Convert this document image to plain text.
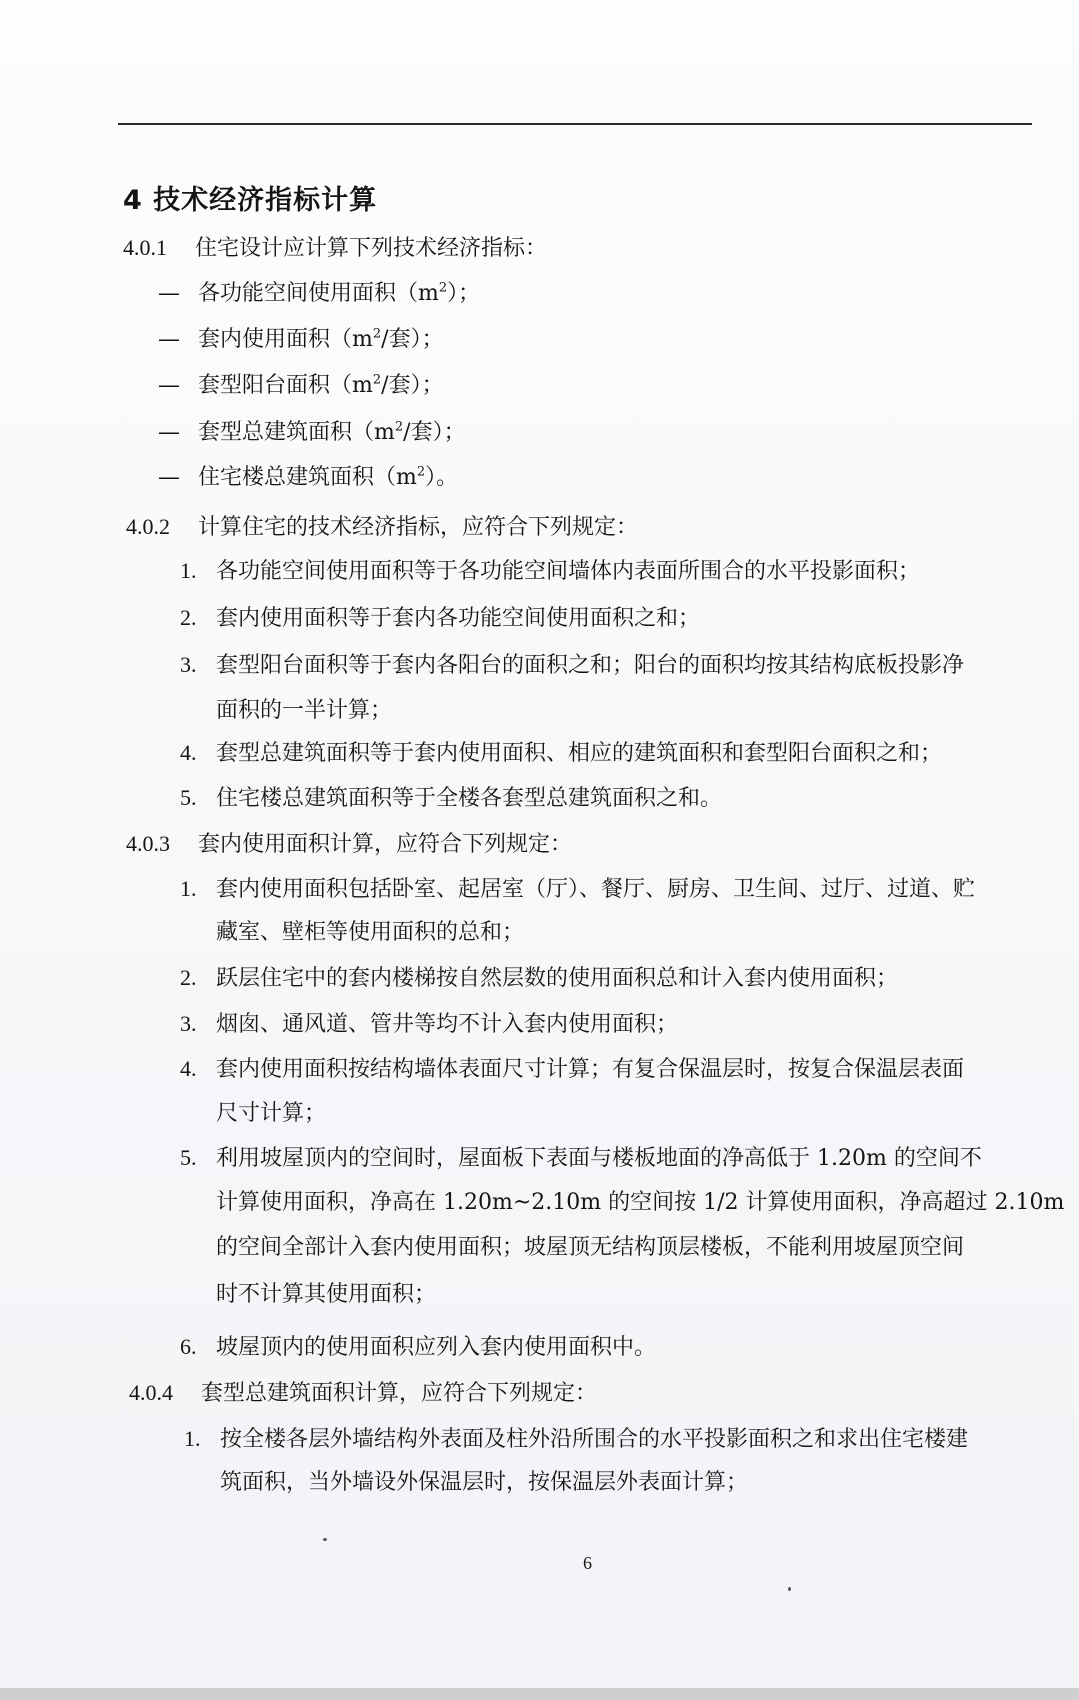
4 技术经济指标计算
4.0.1 住宅设计应计算下列技术经济指标：
— 各功能空间使用面积$(m^2)$；
— 套内使用面积（$m^2/$套）；
— 套型阳台面积（$m^2/$套）；
— 套型总建筑面积（$m^2/$套）；
— 住宅楼总建筑面积$(m^2)$。
4.0.2 计算住宅的技术经济指标，应符合下列规定：
1. 各功能空间使用面积等于各功能空间墙体内表面所围合的水平投影面积；
2. 套内使用面积等于套内各功能空间使用面积之和；
3. 套型阳台面积等于套内各阳台的面积之和；阳台的面积均按其结构底板投影净
面积的一半计算；
4. 套型总建筑面积等于套内使用面积、相应的建筑面积和套型阳台面积之和；
5. 住宅楼总建筑面积等于全楼各套型总建筑面积之和。
4.0.3 套内使用面积计算，应符合下列规定：
1. 套内使用面积包括卧室、起居室（厅）、餐厅、厨房、卫生间、过厅、过道、贮
藏室、壁柜等使用面积的总和；
2. 跃层住宅中的套内楼梯按自然层数的使用面积总和计入套内使用面积；
3. 烟囱、通风道、管井等均不计入套内使用面积；
4. 套内使用面积按结构墙体表面尺寸计算；有复合保温层时，按复合保温层表面
尺寸计算；
5. 利用坡屋顶内的空间时，屋面板下表面与楼板地面的净高低于 1.20m 的空间不
计算使用面积，净高在 1.20m~2.10m 的空间按 1/2 计算使用面积，净高超过 2.10m
的空间全部计入套内使用面积；坡屋顶无结构顶层楼板，不能利用坡屋顶空间
时不计算其使用面积；
6. 坡屋顶内的使用面积应列入套内使用面积中。
4.0.4 套型总建筑面积计算，应符合下列规定：
1. 按全楼各层外墙结构外表面及柱外沿所围合的水平投影面积之和求出住宅楼建
筑面积，当外墙设外保温层时，按保温层外表面计算；
6
